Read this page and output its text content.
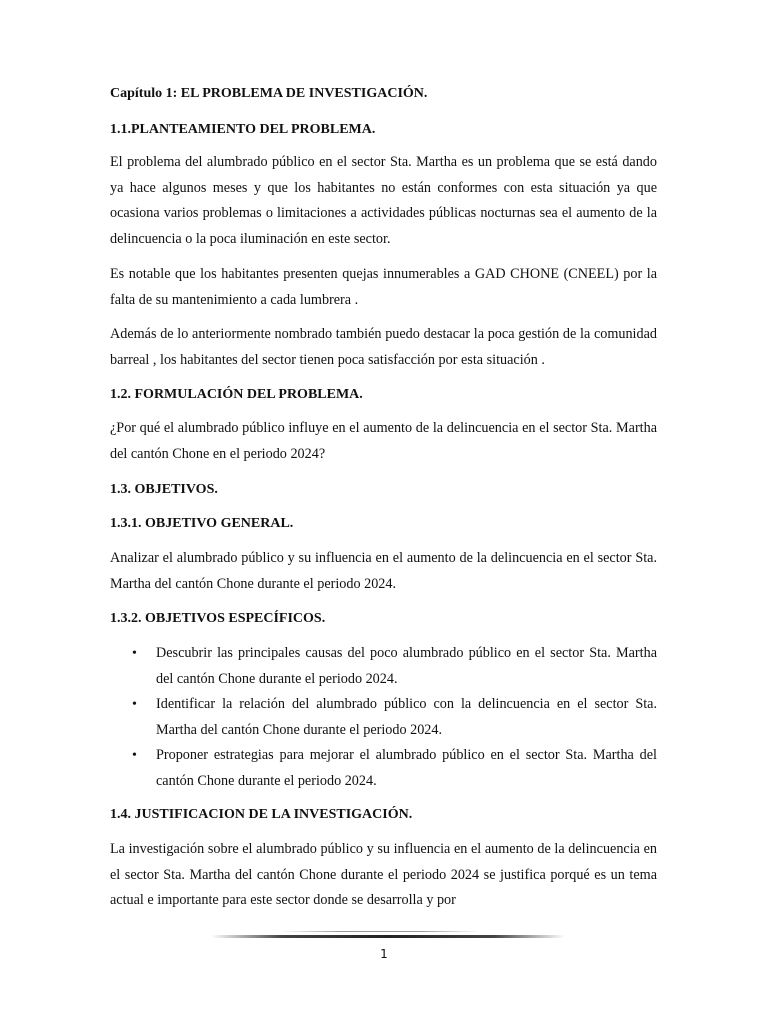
Capítulo 1: EL PROBLEMA DE INVESTIGACIÓN.
1.1.PLANTEAMIENTO DEL PROBLEMA.

El problema del alumbrado público en el sector Sta. Martha es un problema que se está dando ya hace algunos meses y que los habitantes no están conformes con esta situación ya que ocasiona varios problemas o limitaciones a actividades públicas nocturnas sea el aumento de la delincuencia o la poca iluminación en este sector.

Es notable que los habitantes presenten quejas innumerables a GAD CHONE (CNEEL) por la falta de su mantenimiento a cada lumbrera .

Además de lo anteriormente nombrado también puedo destacar la poca gestión de la comunidad barreal , los habitantes del sector tienen poca satisfacción por esta situación .

1.2. FORMULACIÓN DEL PROBLEMA.

¿Por qué el alumbrado público influye en el aumento de la delincuencia en el sector Sta. Martha del cantón Chone en el periodo 2024?

1.3. OBJETIVOS.
1.3.1. OBJETIVO GENERAL.

Analizar el alumbrado público y su influencia en el aumento de la delincuencia en el sector Sta. Martha del cantón Chone durante el periodo 2024.

1.3.2. OBJETIVOS ESPECÍFICOS.
• Descubrir las principales causas del poco alumbrado público en el sector Sta. Martha del cantón Chone durante el periodo 2024.
• Identificar la relación del alumbrado público con la delincuencia en el sector Sta. Martha del cantón Chone durante el periodo 2024.
• Proponer estrategias para mejorar el alumbrado público en el sector Sta. Martha del cantón Chone durante el periodo 2024.
1.4. JUSTIFICACION DE LA INVESTIGACIÓN.

La investigación sobre el alumbrado público y su influencia en el aumento de la delincuencia en el sector Sta. Martha del cantón Chone durante el periodo 2024 se justifica porqué es un tema actual e importante para este sector donde se desarrolla y por

1
